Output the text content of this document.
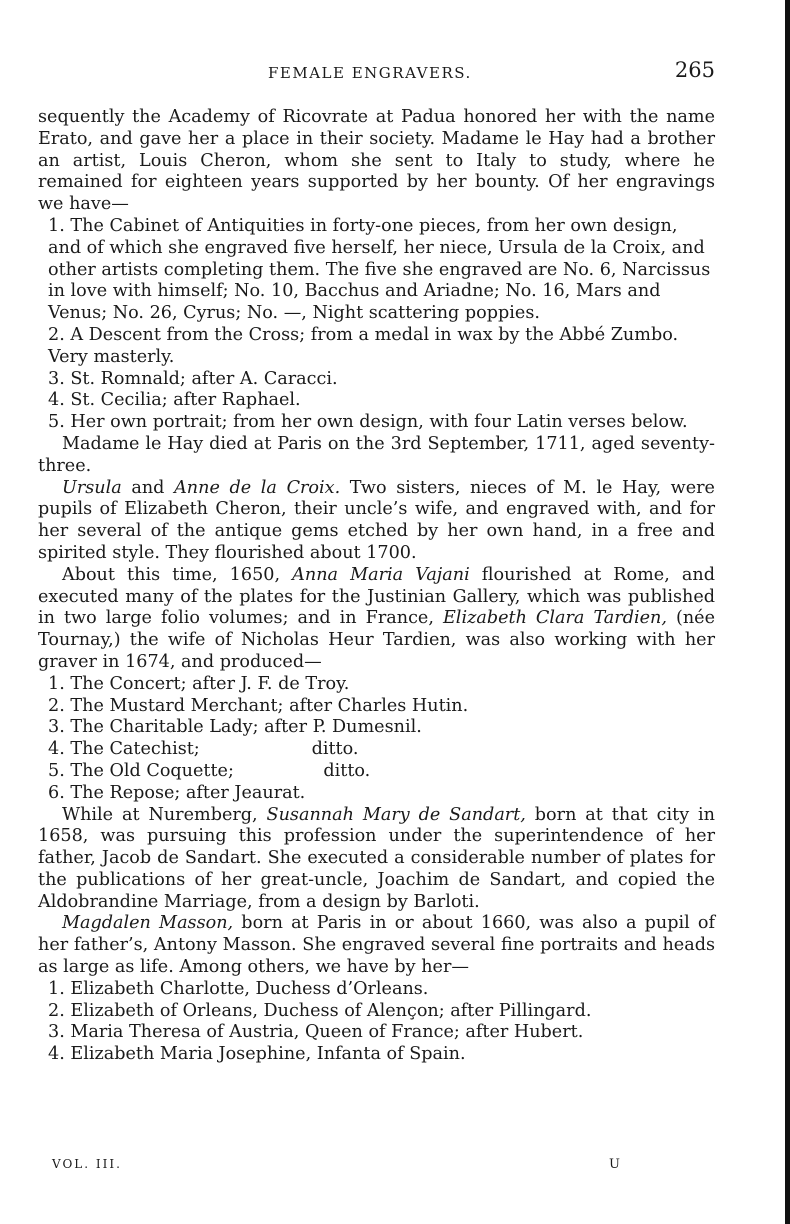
FEMALE ENGRAVERS.	265

sequently the Academy of Ricovrate at Padua honored her with the name Erato, and gave her a place in their society. Madame le Hay had a brother an artist, Louis Cheron, whom she sent to Italy to study, where he remained for eighteen years supported by her bounty. Of her engravings we have—

1. The Cabinet of Antiquities in forty-one pieces, from her own design, and of which she engraved five herself, her niece, Ursula de la Croix, and other artists completing them. The five she engraved are No. 6, Narcissus in love with himself; No. 10, Bacchus and Ariadne; No. 16, Mars and Venus; No. 26, Cyrus; No. —, Night scattering poppies.

2. A Descent from the Cross; from a medal in wax by the Abbé Zumbo. Very masterly.

3. St. Romnald; after A. Caracci.

4. St. Cecilia; after Raphael.

5. Her own portrait; from her own design, with four Latin verses below.

Madame le Hay died at Paris on the 3rd September, 1711, aged seventy-three.

Ursula and Anne de la Croix. Two sisters, nieces of M. le Hay, were pupils of Elizabeth Cheron, their uncle’s wife, and engraved with, and for her several of the antique gems etched by her own hand, in a free and spirited style. They flourished about 1700.

About this time, 1650, Anna Maria Vajani flourished at Rome, and executed many of the plates for the Justinian Gallery, which was published in two large folio volumes; and in France, Elizabeth Clara Tardien, (née Tournay,) the wife of Nicholas Heur Tardien, was also working with her graver in 1674, and produced—

1. The Concert; after J. F. de Troy.

2. The Mustard Merchant; after Charles Hutin.

3. The Charitable Lady; after P. Dumesnil.

4. The Catechist;                    ditto.

5. The Old Coquette;                ditto.

6. The Repose; after Jeaurat.

While at Nuremberg, Susannah Mary de Sandart, born at that city in 1658, was pursuing this profession under the superintendence of her father, Jacob de Sandart. She executed a considerable number of plates for the publications of her great-uncle, Joachim de Sandart, and copied the Aldobrandine Marriage, from a design by Barloti.

Magdalen Masson, born at Paris in or about 1660, was also a pupil of her father’s, Antony Masson. She engraved several fine portraits and heads as large as life. Among others, we have by her—

1. Elizabeth Charlotte, Duchess d’Orleans.

2. Elizabeth of Orleans, Duchess of Alençon; after Pillingard.

3. Maria Theresa of Austria, Queen of France; after Hubert.

4. Elizabeth Maria Josephine, Infanta of Spain.

VOL. III.	U
